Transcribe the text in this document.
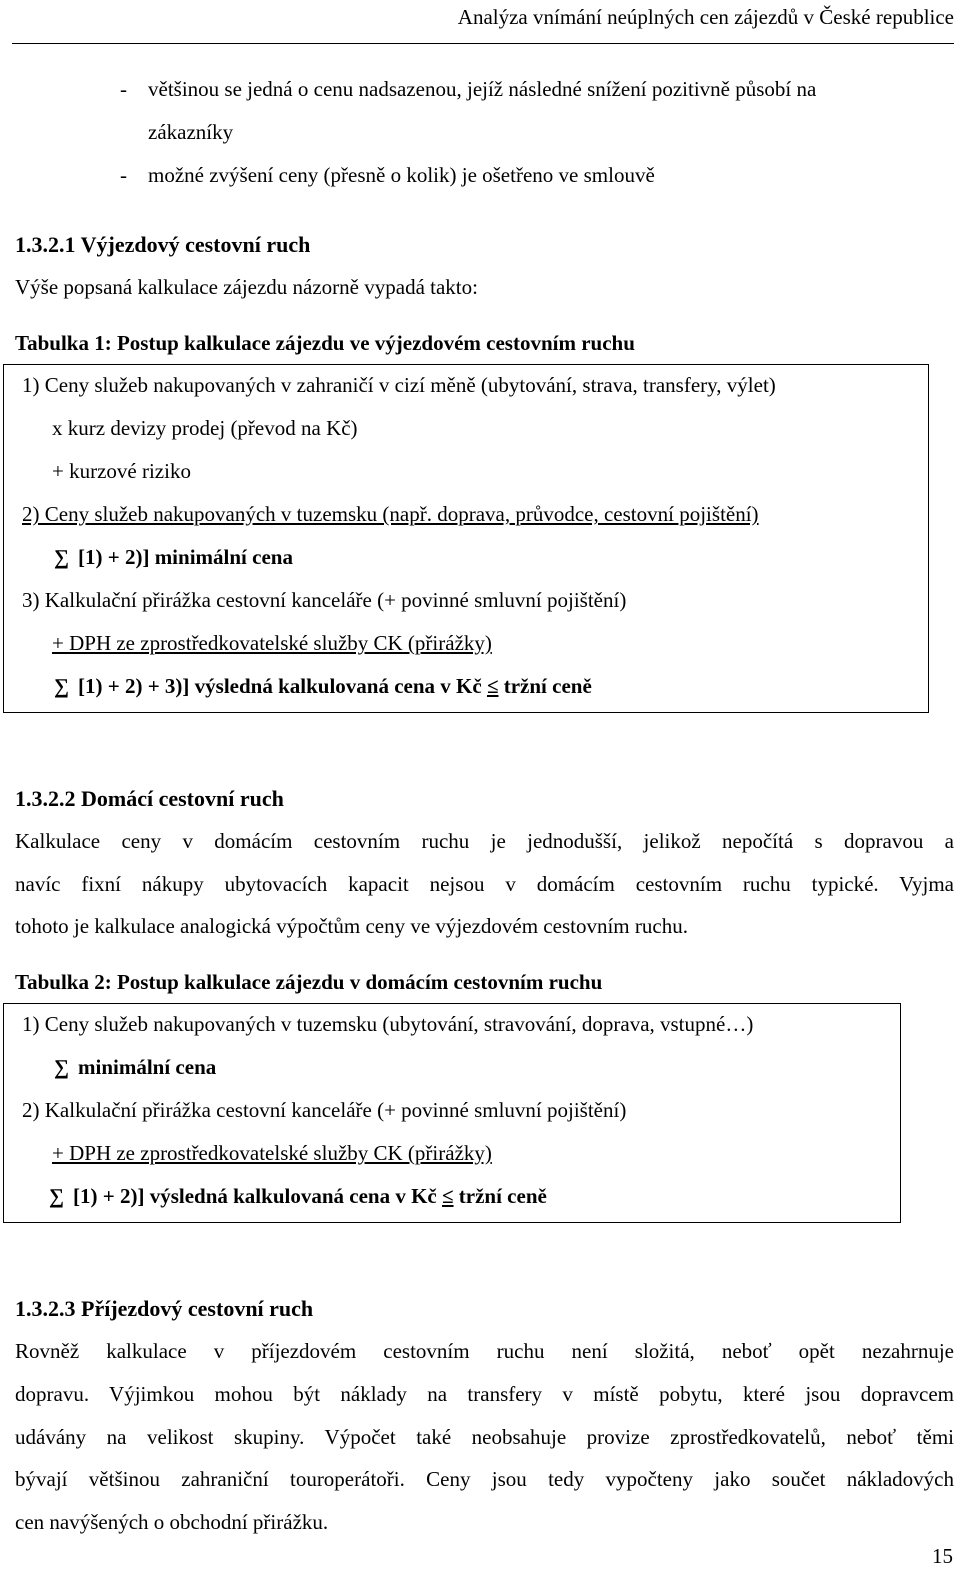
Analýza vnímání neúplných cen zájezdů v České republice
- většinou se jedná o cenu nadsazenou, jejíž následné snížení pozitivně působí na
zákazníky
- možné zvýšení ceny (přesně o kolik) je ošetřeno ve smlouvě
1.3.2.1 Výjezdový cestovní ruch
Výše popsaná kalkulace zájezdu názorně vypadá takto:
Tabulka 1: Postup kalkulace zájezdu ve výjezdovém cestovním ruchu
1) Ceny služeb nakupovaných v zahraničí v cizí měně (ubytování, strava, transfery, výlet)
x kurz devizy prodej (převod na Kč)
+ kurzové riziko
2) Ceny služeb nakupovaných v tuzemsku (např. doprava, průvodce, cestovní pojištění)
∑ [1) + 2)] minimální cena
3) Kalkulační přirážka cestovní kanceláře (+ povinné smluvní pojištění)
+ DPH ze zprostředkovatelské služby CK (přirážky)
∑ [1) + 2) + 3)] výsledná kalkulovaná cena v Kč ≤ tržní ceně
1.3.2.2 Domácí cestovní ruch
Kalkulace ceny v domácím cestovním ruchu je jednodušší, jelikož nepočítá s dopravou a
navíc fixní nákupy ubytovacích kapacit nejsou v domácím cestovním ruchu typické. Vyjma
tohoto je kalkulace analogická výpočtům ceny ve výjezdovém cestovním ruchu.
Tabulka 2: Postup kalkulace zájezdu v domácím cestovním ruchu
1) Ceny služeb nakupovaných v tuzemsku (ubytování, stravování, doprava, vstupné…)
∑ minimální cena
2) Kalkulační přirážka cestovní kanceláře (+ povinné smluvní pojištění)
+ DPH ze zprostředkovatelské služby CK (přirážky)
∑ [1) + 2)] výsledná kalkulovaná cena v Kč ≤ tržní ceně
1.3.2.3 Příjezdový cestovní ruch
Rovněž kalkulace v příjezdovém cestovním ruchu není složitá, neboť opět nezahrnuje
dopravu. Výjimkou mohou být náklady na transfery v místě pobytu, které jsou dopravcem
udávány na velikost skupiny. Výpočet také neobsahuje provize zprostředkovatelů, neboť těmi
bývají většinou zahraniční touroperátoři. Ceny jsou tedy vypočteny jako součet nákladových
cen navýšených o obchodní přirážku.
15
